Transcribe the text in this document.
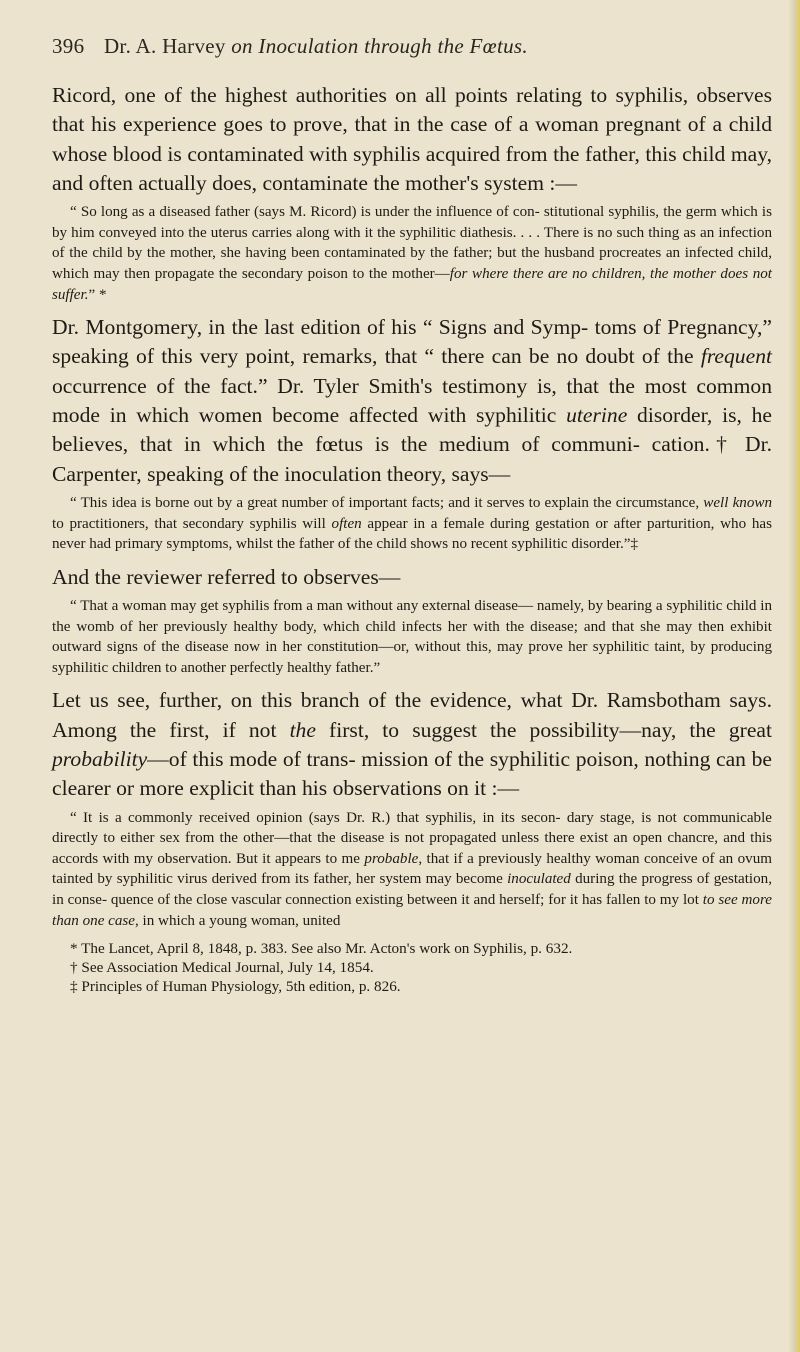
396 Dr. A. Harvey on Inoculation through the Fœtus.

Ricord, one of the highest authorities on all points relating to syphilis, observes that his experience goes to prove, that in the case of a woman pregnant of a child whose blood is contaminated with syphilis acquired from the father, this child may, and often actually does, contaminate the mother's system :—

“ So long as a diseased father (says M. Ricord) is under the influence of con- stitutional syphilis, the germ which is by him conveyed into the uterus carries along with it the syphilitic diathesis. . . . There is no such thing as an infection of the child by the mother, she having been contaminated by the father; but the husband procreates an infected child, which may then propagate the secondary poison to the mother—for where there are no children, the mother does not suffer.” *

Dr. Montgomery, in the last edition of his “ Signs and Symp- toms of Pregnancy,” speaking of this very point, remarks, that “ there can be no doubt of the frequent occurrence of the fact.” Dr. Tyler Smith's testimony is, that the most common mode in which women become affected with syphilitic uterine disorder, is, he believes, that in which the fœtus is the medium of communi- cation.† Dr. Carpenter, speaking of the inoculation theory, says—

“ This idea is borne out by a great number of important facts; and it serves to explain the circumstance, well known to practitioners, that secondary syphilis will often appear in a female during gestation or after parturition, who has never had primary symptoms, whilst the father of the child shows no recent syphilitic disorder.”‡

And the reviewer referred to observes—

“ That a woman may get syphilis from a man without any external disease— namely, by bearing a syphilitic child in the womb of her previously healthy body, which child infects her with the disease; and that she may then exhibit outward signs of the disease now in her constitution—or, without this, may prove her syphilitic taint, by producing syphilitic children to another perfectly healthy father.”

Let us see, further, on this branch of the evidence, what Dr. Ramsbotham says. Among the first, if not the first, to suggest the possibility—nay, the great probability—of this mode of trans- mission of the syphilitic poison, nothing can be clearer or more explicit than his observations on it :—

“ It is a commonly received opinion (says Dr. R.) that syphilis, in its secon- dary stage, is not communicable directly to either sex from the other—that the disease is not propagated unless there exist an open chancre, and this accords with my observation. But it appears to me probable, that if a previously healthy woman conceive of an ovum tainted by syphilitic virus derived from its father, her system may become inoculated during the progress of gestation, in conse- quence of the close vascular connection existing between it and herself; for it has fallen to my lot to see more than one case, in which a young woman, united

* The Lancet, April 8, 1848, p. 383. See also Mr. Acton's work on Syphilis, p. 632.

† See Association Medical Journal, July 14, 1854.

‡ Principles of Human Physiology, 5th edition, p. 826.
